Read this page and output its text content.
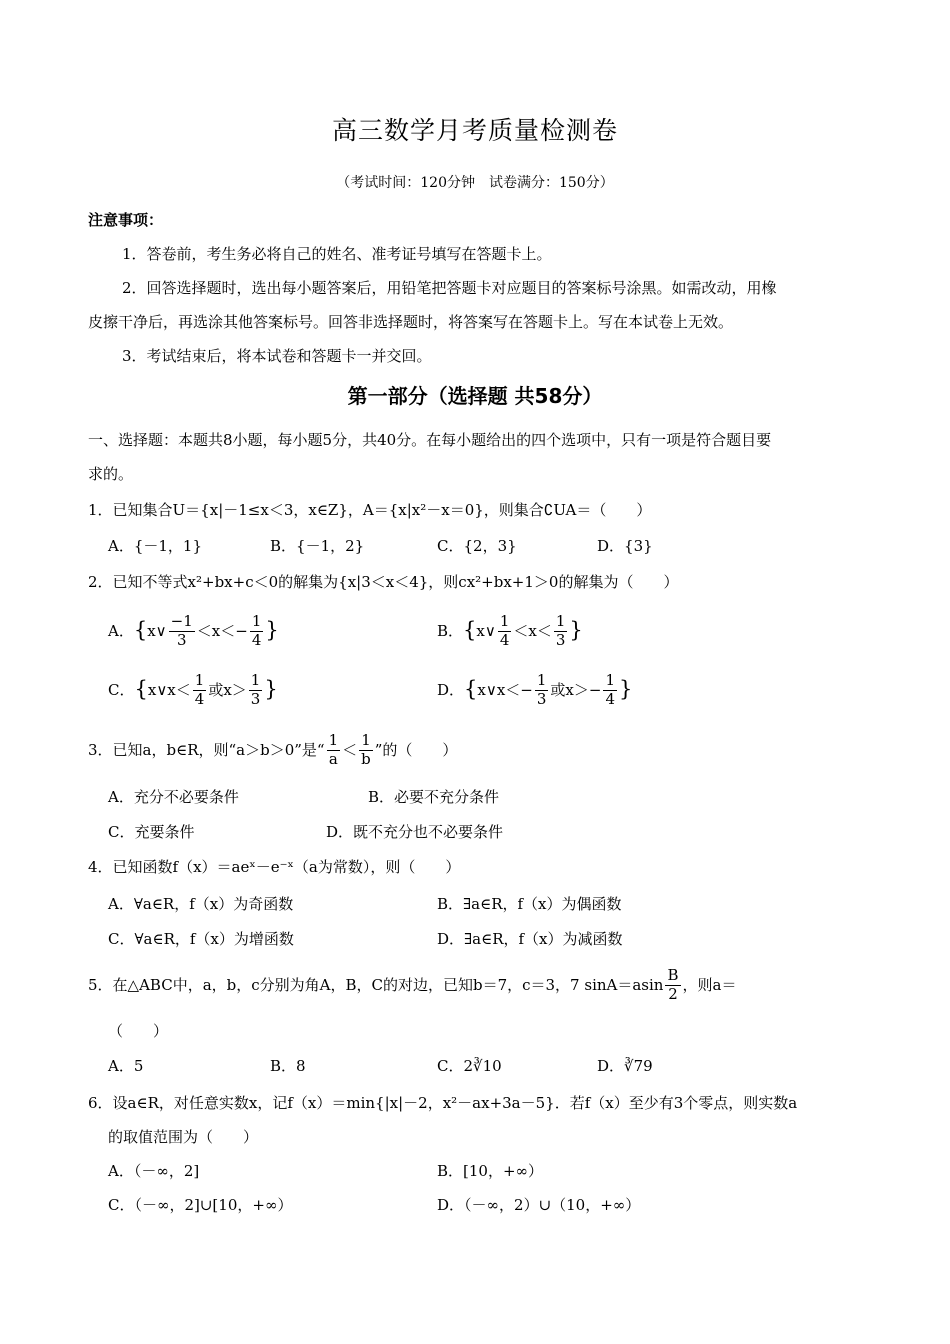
高三数学月考质量检测卷
（考试时间：120分钟　试卷满分：150分）
注意事项：
1．答卷前，考生务必将自己的姓名、准考证号填写在答题卡上。
2．回答选择题时，选出每小题答案后，用铅笔把答题卡对应题目的答案标号涂黑。如需改动，用橡
皮擦干净后，再选涂其他答案标号。回答非选择题时，将答案写在答题卡上。写在本试卷上无效。
3．考试结束后，将本试卷和答题卡一并交回。
第一部分（选择题 共58分）
一、选择题：本题共8小题，每小题5分，共40分。在每小题给出的四个选项中，只有一项是符合题目要
求的。
1．已知集合U＝{x|－1≤x＜3，x∈Z}，A＝{x|x²－x＝0}，则集合∁UA＝（　　）
A．{－1，1}	B．{－1，2}	C．{2，3}	D．{3}
2．已知不等式x²+bx+c＜0的解集为{x|3＜x＜4}，则cx²+bx+1＞0的解集为（　　）
A． { x∨ $\frac{-1}{3} <x<- \frac{1}{4}$ }	B． { x∨ $\frac{1}{4} <x< \frac{1}{3}$ }
C． { x∨x＜ $\frac{1}{4}$ 或$x> \frac{1}{3}$ }	D． { x∨x＜− $\frac{1}{3}$ 或$x>- \frac{1}{4}$ }
3．已知a，b∈R，则“a＞b＞0”是“ $\frac{1}{a} < \frac{1}{b}$ ”的（　　）
A．充分不必要条件	B．必要不充分条件
C．充要条件	D．既不充分也不必要条件
4．已知函数f（x）＝aeˣ－e⁻ˣ（a为常数），则（　　）
A．∀a∈R，f（x）为奇函数	B．∃a∈R，f（x）为偶函数
C．∀a∈R，f（x）为增函数	D．∃a∈R，f（x）为减函数
5．在△ABC中，a，b，c分别为角A，B，C的对边，已知b＝7，c＝3，7 $\sin A=asin \frac{B}{2}$ ，则a＝
（　　）
A．5	B．8	C．2∛10	D．∛79
6．设a∈R，对任意实数x，记f（x）＝min{|x|－2，x²－ax+3a－5}．若f（x）至少有3个零点，则实数a
的取值范围为（　　）
A．（－∞，2]	B．[10，+∞）
C．（－∞，2]∪[10，+∞）	D．（－∞，2）∪（10，+∞）
